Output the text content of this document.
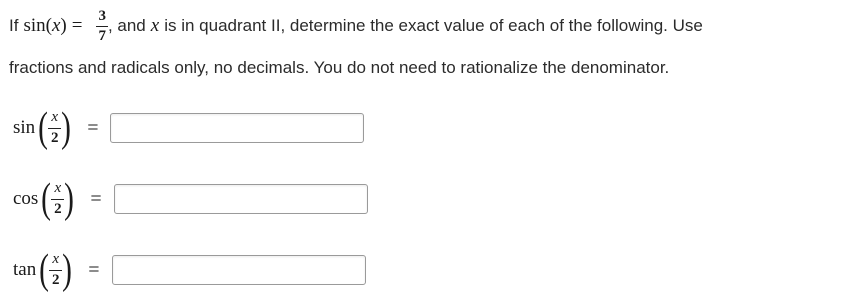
If $\sin(x) = \frac{3}{7}$ , and x is in quadrant II, determine the exact value of each of the following. Use
fractions and radicals only, no decimals. You do not need to rationalize the denominator.
sin ( $\frac{x}{2}$ ) =
cos ( $\frac{x}{2}$ ) =
tan ( $\frac{x}{2}$ ) =
